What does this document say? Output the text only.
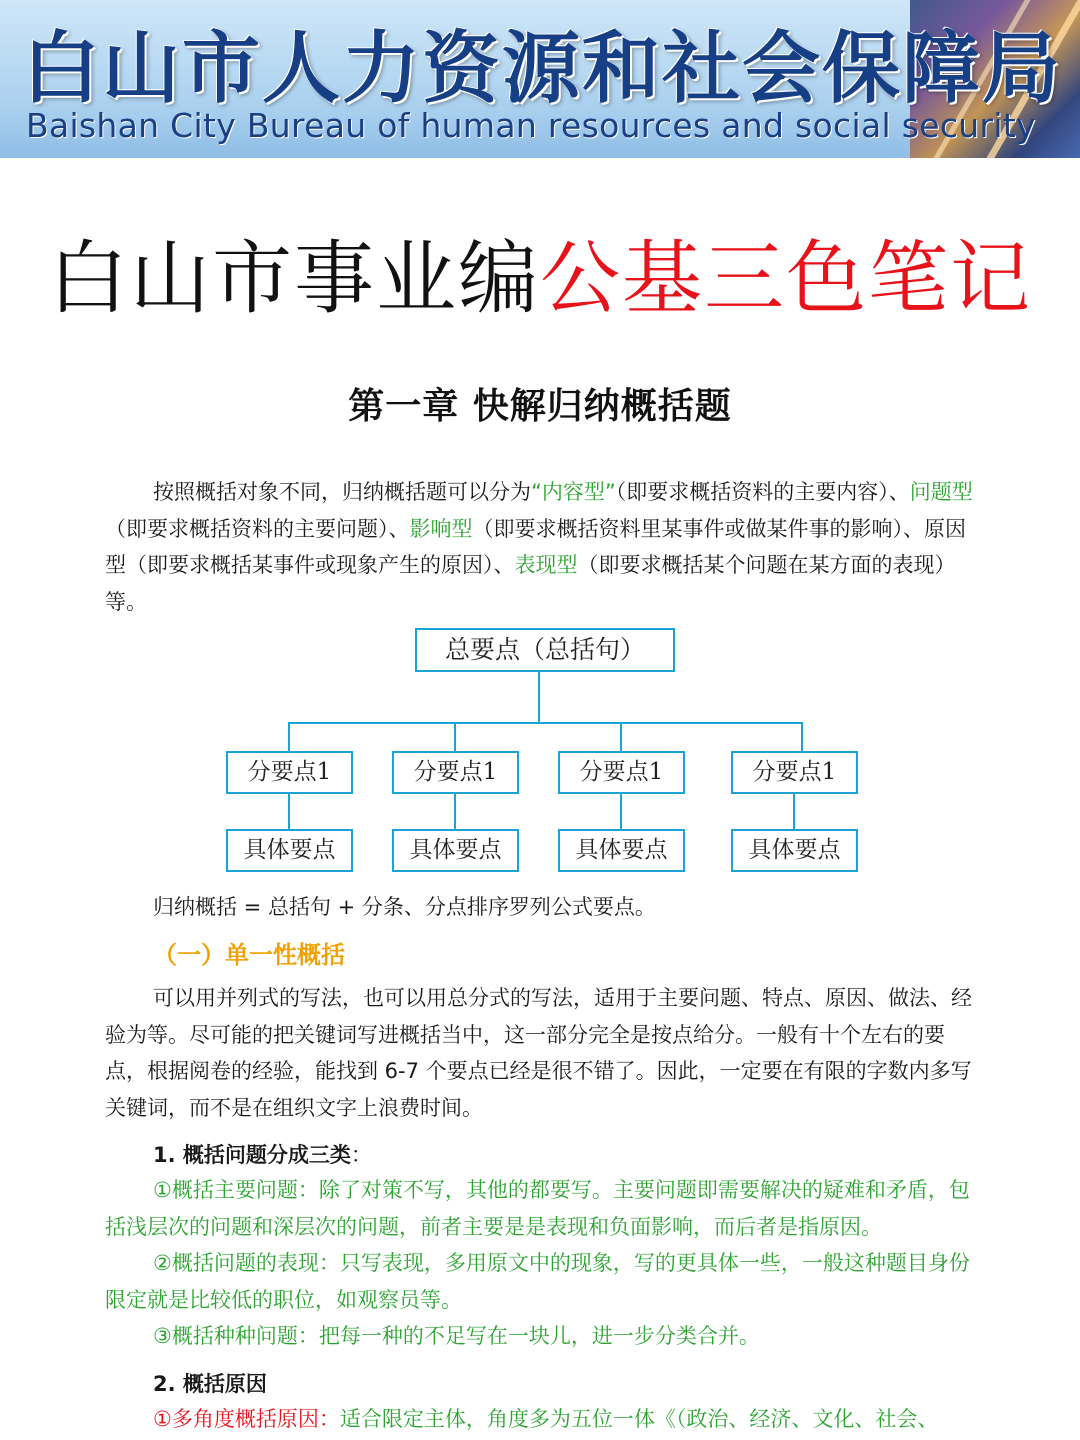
白山市人力资源和社会保障局
Baishan City Bureau of human resources and social security
白山市事业编公基三色笔记
第一章 快解归纳概括题
按照概括对象不同，归纳概括题可以分为“内容型”（即要求概括资料的主要内容）、问题型（即要求概括资料的主要问题）、影响型（即要求概括资料里某事件或做某件事的影响）、原因型（即要求概括某事件或现象产生的原因）、表现型（即要求概括某个问题在某方面的表现）等。
总要点（总括句）
分要点1	分要点1	分要点1	分要点1
具体要点	具体要点	具体要点	具体要点
归纳概括 = 总括句 + 分条、分点排序罗列公式要点。
（一）单一性概括
可以用并列式的写法，也可以用总分式的写法，适用于主要问题、特点、原因、做法、经验为等。尽可能的把关键词写进概括当中，这一部分完全是按点给分。一般有十个左右的要点，根据阅卷的经验，能找到 6-7 个要点已经是很不错了。因此，一定要在有限的字数内多写关键词，而不是在组织文字上浪费时间。
1. 概括问题分成三类：
①概括主要问题：除了对策不写，其他的都要写。主要问题即需要解决的疑难和矛盾，包括浅层次的问题和深层次的问题，前者主要是是表现和负面影响，而后者是指原因。
②概括问题的表现：只写表现，多用原文中的现象，写的更具体一些，一般这种题目身份限定就是比较低的职位，如观察员等。
③概括种种问题：把每一种的不足写在一块儿，进一步分类合并。
2. 概括原因
①多角度概括原因：适合限定主体，角度多为五位一体《（政治、经济、文化、社会、
